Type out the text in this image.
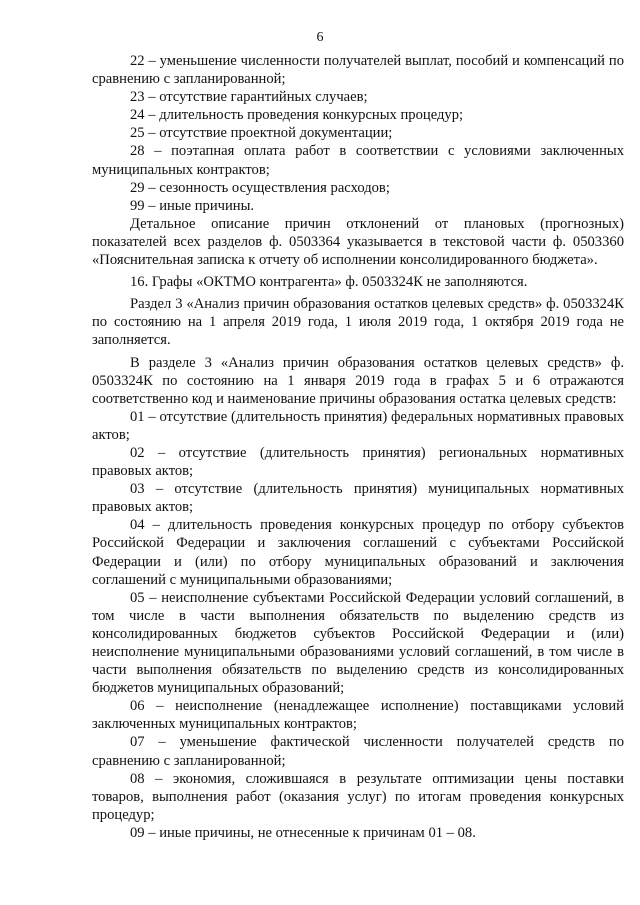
6

22 – уменьшение численности получателей выплат, пособий и компенсаций по сравнению с запланированной;

23 – отсутствие гарантийных случаев;

24 – длительность проведения конкурсных процедур;

25 – отсутствие проектной документации;

28 – поэтапная оплата работ в соответствии с условиями заключенных муниципальных контрактов;

29 – сезонность осуществления расходов;

99 – иные причины.

Детальное описание причин отклонений от плановых (прогнозных) показателей всех разделов ф. 0503364 указывается в текстовой части ф. 0503360 «Пояснительная записка к отчету об исполнении консолидированного бюджета».

16. Графы «ОКТМО контрагента» ф. 0503324К не заполняются.

Раздел 3 «Анализ причин образования остатков целевых средств» ф. 0503324К по состоянию на 1 апреля 2019 года, 1 июля 2019 года, 1 октября 2019 года не заполняется.

В разделе 3 «Анализ причин образования остатков целевых средств» ф. 0503324К по состоянию на 1 января 2019 года в графах 5 и 6 отражаются соответственно код и наименование причины образования остатка целевых средств:

01 – отсутствие (длительность принятия) федеральных нормативных правовых актов;

02 – отсутствие (длительность принятия) региональных нормативных правовых актов;

03 – отсутствие (длительность принятия) муниципальных нормативных правовых актов;

04 – длительность проведения конкурсных процедур по отбору субъектов Российской Федерации и заключения соглашений с субъектами Российской Федерации и (или) по отбору муниципальных образований и заключения соглашений с муниципальными образованиями;

05 – неисполнение субъектами Российской Федерации условий соглашений, в том числе в части выполнения обязательств по выделению средств из консолидированных бюджетов субъектов Российской Федерации и (или) неисполнение муниципальными образованиями условий соглашений, в том числе в части выполнения обязательств по выделению средств из консолидированных бюджетов муниципальных образований;

06 – неисполнение (ненадлежащее исполнение) поставщиками условий заключенных муниципальных контрактов;

07 – уменьшение фактической численности получателей средств по сравнению с запланированной;

08 – экономия, сложившаяся в результате оптимизации цены поставки товаров, выполнения работ (оказания услуг) по итогам проведения конкурсных процедур;

09 – иные причины, не отнесенные к причинам 01 – 08.
